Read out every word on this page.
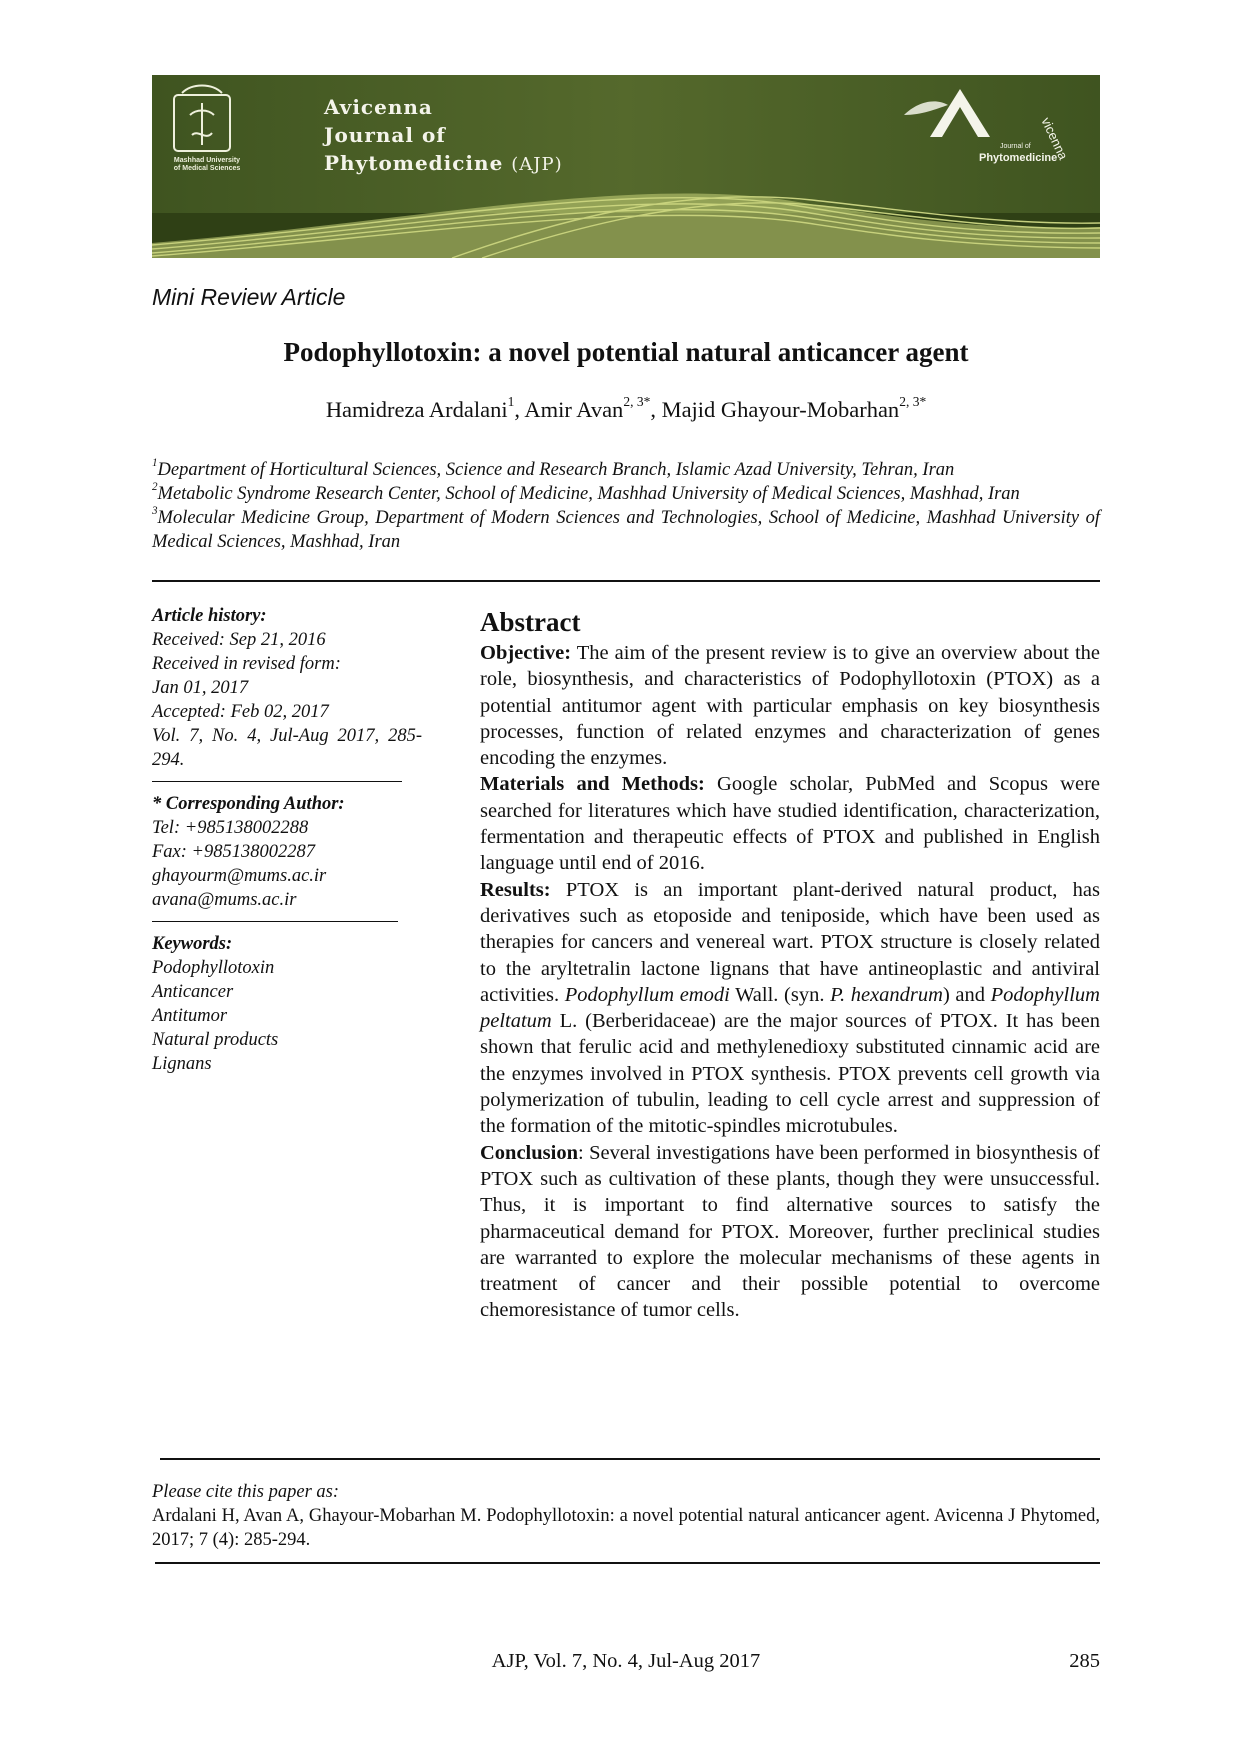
Avicenna
Journal of
Phytomedicine (AJP)
Mashhad University
of Medical Sciences
Journal of
Phytomedicine
vicenna
Mini Review Article
Podophyllotoxin: a novel potential natural anticancer agent
Hamidreza Ardalani$^1$, Amir Avan$^{2, 3*}$, Majid Ghayour-Mobarhan$^{2, 3*}$

$^1$Department of Horticultural Sciences, Science and Research Branch, Islamic Azad University, Tehran, Iran

$^2$Metabolic Syndrome Research Center, School of Medicine, Mashhad University of Medical Sciences, Mashhad, Iran

$^3$Molecular Medicine Group, Department of Modern Sciences and Technologies, School of Medicine, Mashhad University of Medical Sciences, Mashhad, Iran

Article history:

Received: Sep 21, 2016

Received in revised form:

Jan 01, 2017

Accepted: Feb 02, 2017

Vol. 7, No. 4, Jul-Aug 2017, 285-294.

* Corresponding Author:

Tel: +985138002288

Fax: +985138002287

ghayourm@mums.ac.ir

avana@mums.ac.ir

Keywords:

Podophyllotoxin

Anticancer

Antitumor

Natural products

Lignans

Abstract

Objective: The aim of the present review is to give an overview about the role, biosynthesis, and characteristics of Podophyllotoxin (PTOX) as a potential antitumor agent with particular emphasis on key biosynthesis processes, function of related enzymes and characterization of genes encoding the enzymes.

Materials and Methods: Google scholar, PubMed and Scopus were searched for literatures which have studied identification, characterization, fermentation and therapeutic effects of PTOX and published in English language until end of 2016.

Results: PTOX is an important plant-derived natural product, has derivatives such as etoposide and teniposide, which have been used as therapies for cancers and venereal wart. PTOX structure is closely related to the aryltetralin lactone lignans that have antineoplastic and antiviral activities. Podophyllum emodi Wall. (syn. P. hexandrum) and Podophyllum peltatum L. (Berberidaceae) are the major sources of PTOX. It has been shown that ferulic acid and methylenedioxy substituted cinnamic acid are the enzymes involved in PTOX synthesis. PTOX prevents cell growth via polymerization of tubulin, leading to cell cycle arrest and suppression of the formation of the mitotic-spindles microtubules.

Conclusion: Several investigations have been performed in biosynthesis of PTOX such as cultivation of these plants, though they were unsuccessful. Thus, it is important to find alternative sources to satisfy the pharmaceutical demand for PTOX. Moreover, further preclinical studies are warranted to explore the molecular mechanisms of these agents in treatment of cancer and their possible potential to overcome chemoresistance of tumor cells.

Please cite this paper as:

Ardalani H, Avan A, Ghayour-Mobarhan M. Podophyllotoxin: a novel potential natural anticancer agent. Avicenna J Phytomed, 2017; 7 (4): 285-294.

AJP, Vol. 7, No. 4, Jul-Aug 2017	285
